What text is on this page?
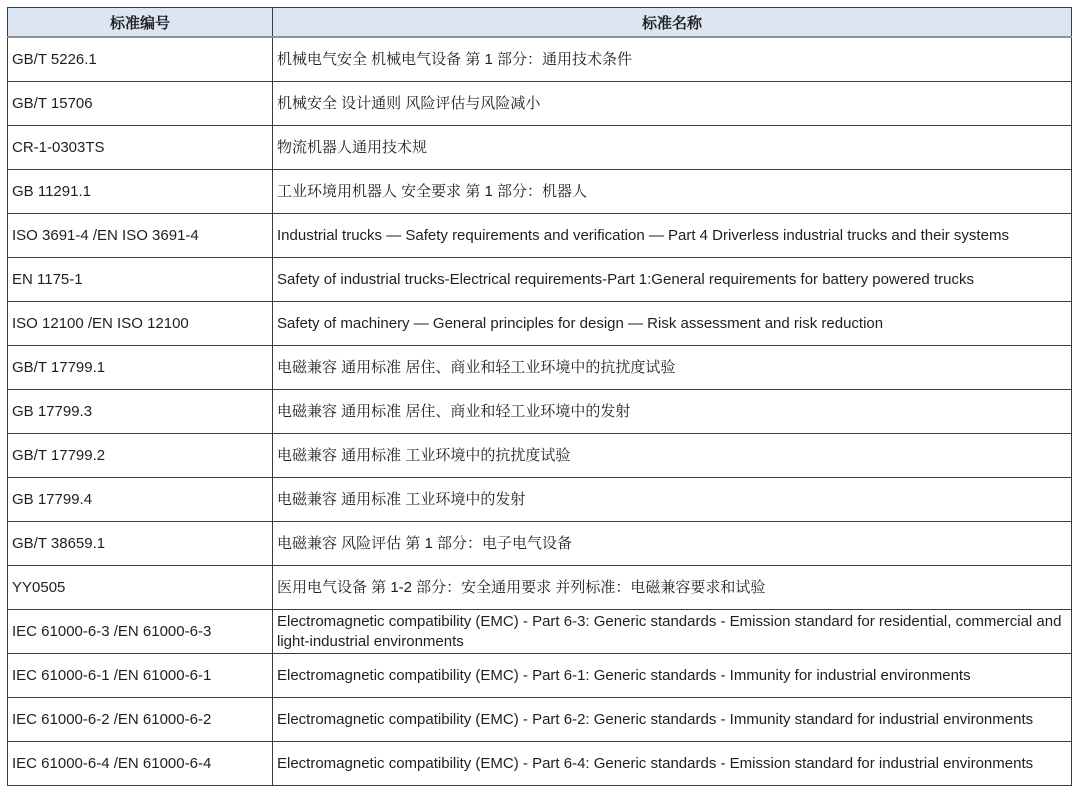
标准编号	标准名称
GB/T 5226.1	机械电气安全 机械电气设备 第 1 部分：通用技术条件
GB/T 15706	机械安全 设计通则 风险评估与风险减小
CR-1-0303TS	物流机器人通用技术规
GB 11291.1	工业环境用机器人 安全要求 第 1 部分：机器人
ISO 3691-4 /EN ISO 3691-4	Industrial trucks — Safety requirements and verification — Part 4 Driverless industrial trucks and their systems
EN 1175-1	Safety of industrial trucks-Electrical requirements-Part 1:General requirements for battery powered trucks
ISO 12100 /EN ISO 12100	Safety of machinery — General principles for design — Risk assessment and risk reduction
GB/T 17799.1	电磁兼容 通用标准 居住、商业和轻工业环境中的抗扰度试验
GB 17799.3	电磁兼容 通用标准 居住、商业和轻工业环境中的发射
GB/T 17799.2	电磁兼容 通用标准 工业环境中的抗扰度试验
GB 17799.4	电磁兼容 通用标准 工业环境中的发射
GB/T 38659.1	电磁兼容 风险评估 第 1 部分：电子电气设备
YY0505	医用电气设备 第 1-2 部分：安全通用要求 并列标准：电磁兼容要求和试验
IEC 61000-6-3 /EN 61000-6-3	Electromagnetic compatibility (EMC) - Part 6-3: Generic standards - Emission standard for residential, commercial and light-industrial environments
IEC 61000-6-1 /EN 61000-6-1	Electromagnetic compatibility (EMC) - Part 6-1: Generic standards - Immunity for industrial environments
IEC 61000-6-2 /EN 61000-6-2	Electromagnetic compatibility (EMC) - Part 6-2: Generic standards - Immunity standard for industrial environments
IEC 61000-6-4 /EN 61000-6-4	Electromagnetic compatibility (EMC) - Part 6-4: Generic standards - Emission standard for industrial environments
